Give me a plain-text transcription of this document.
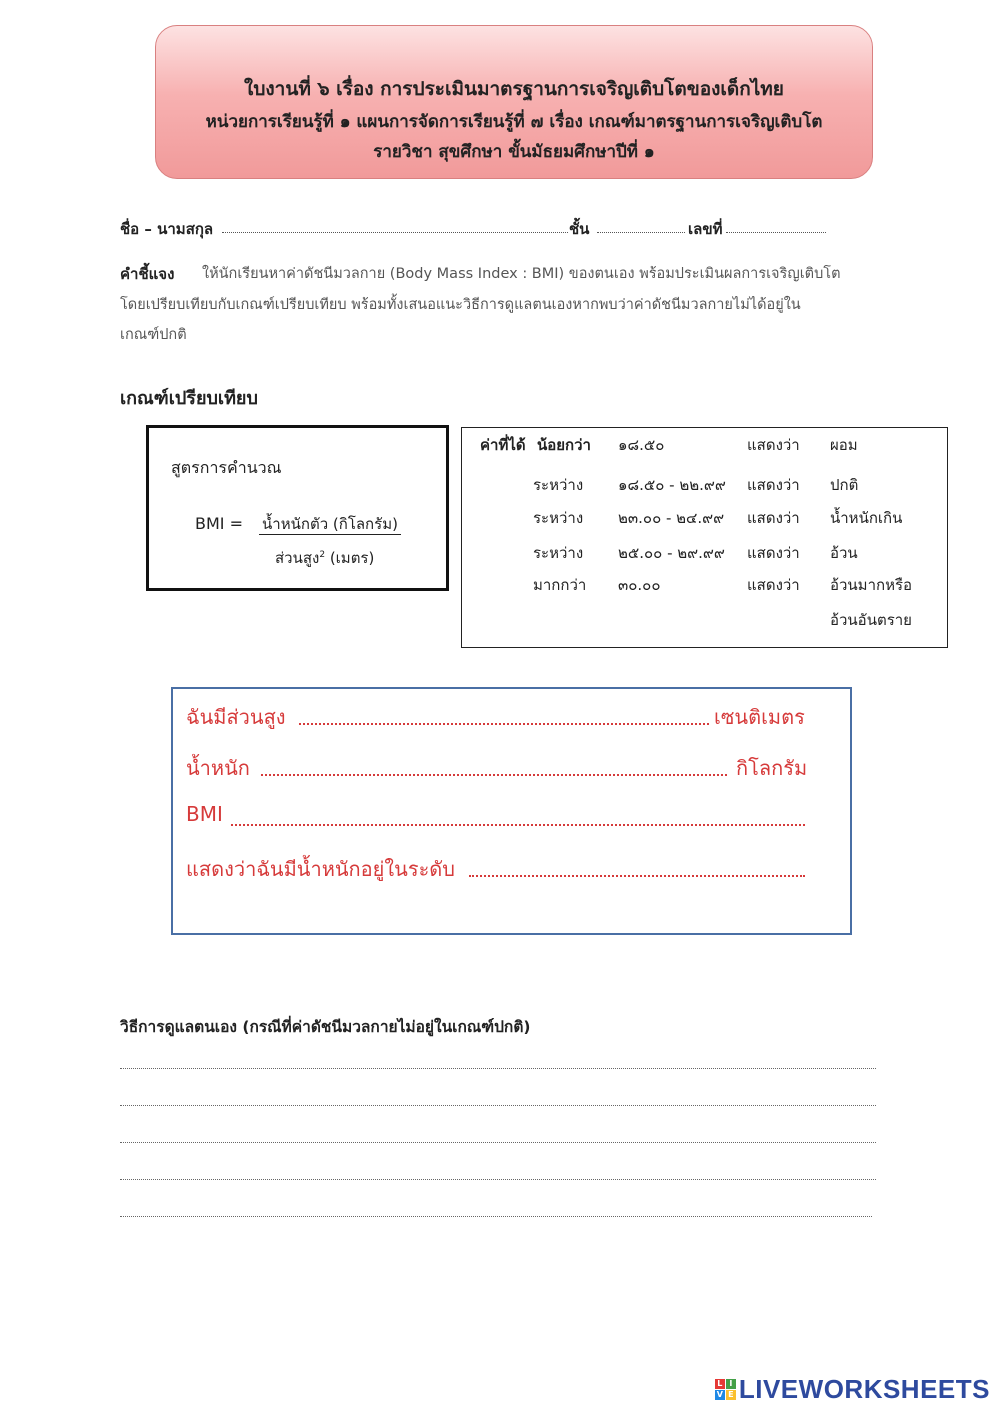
ใบงานที่ ๖ เรื่อง การประเมินมาตรฐานการเจริญเติบโตของเด็กไทย
หน่วยการเรียนรู้ที่ ๑ แผนการจัดการเรียนรู้ที่ ๗ เรื่อง เกณฑ์มาตรฐานการเจริญเติบโต
รายวิชา สุขศึกษา ขั้นมัธยมศึกษาปีที่ ๑
ชื่อ – นามสกุล	ชั้น	เลขที่
คำชี้แจง ให้นักเรียนหาค่าดัชนีมวลกาย (Body Mass Index : BMI) ของตนเอง พร้อมประเมินผลการเจริญเติบโต
โดยเปรียบเทียบกับเกณฑ์เปรียบเทียบ พร้อมทั้งเสนอแนะวิธีการดูแลตนเองหากพบว่าค่าดัชนีมวลกายไม่ได้อยู่ใน
เกณฑ์ปกติ
เกณฑ์เปรียบเทียบ
สูตรการคำนวณ
BMI = น้ำหนักตัว (กิโลกรัม)
ส่วนสูง$^2$ (เมตร)
ค่าที่ได้ น้อยกว่า ๑๘.๕๐	แสดงว่า ผอม
ระหว่าง ๑๘.๕๐ - ๒๒.๙๙ แสดงว่า ปกติ
ระหว่าง ๒๓.๐๐ - ๒๔.๙๙ แสดงว่า น้ำหนักเกิน
ระหว่าง ๒๕.๐๐ - ๒๙.๙๙ แสดงว่า อ้วน
มากกว่า ๓๐.๐๐	แสดงว่า อ้วนมากหรือ
อ้วนอันตราย
ฉันมีส่วนสูง	เซนติเมตร
น้ำหนัก	กิโลกรัม
BMI
แสดงว่าฉันมีน้ำหนักอยู่ในระดับ
วิธีการดูแลตนเอง (กรณีที่ค่าดัชนีมวลกายไม่อยู่ในเกณฑ์ปกติ)
L I
V E LIVEWORKSHEETS
